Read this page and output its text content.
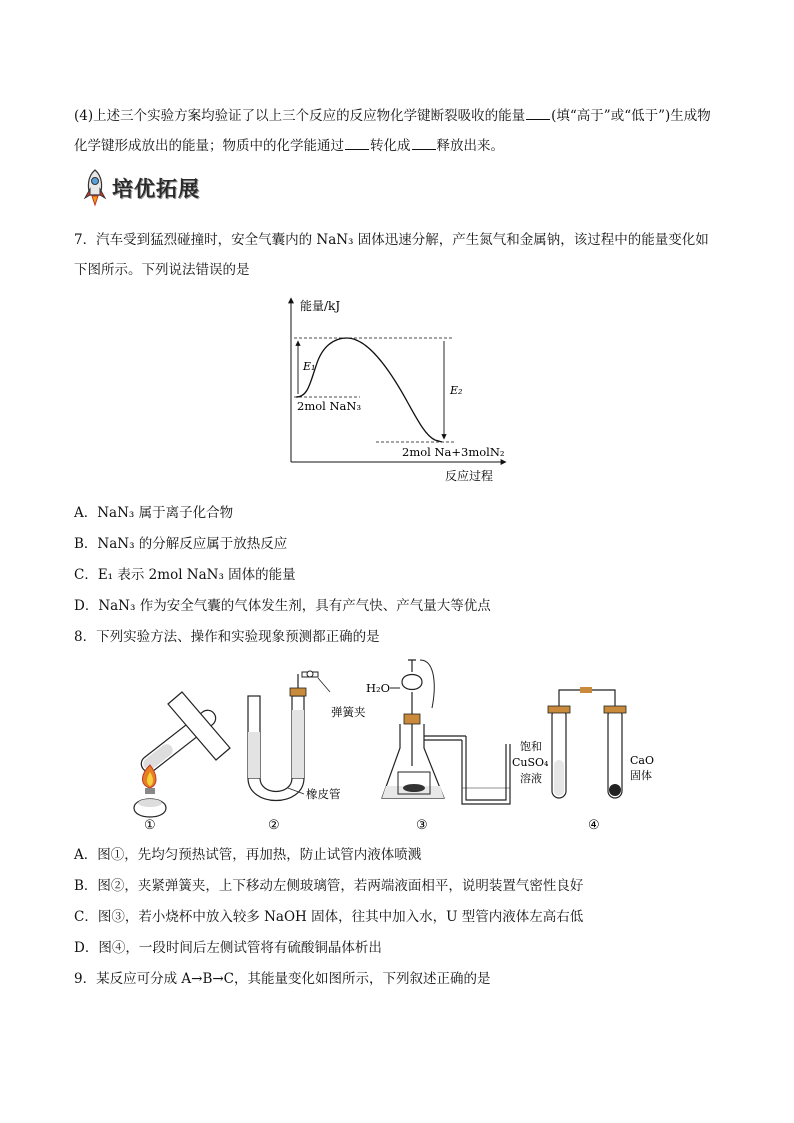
(4)上述三个实验方案均验证了以上三个反应的反应物化学键断裂吸收的能量 (填“高于”或“低于”)生成物
化学键形成放出的能量；物质中的化学能通过 转化成 释放出来。
培优拓展
7．汽车受到猛烈碰撞时，安全气囊内的 NaN₃ 固体迅速分解，产生氮气和金属钠，该过程中的能量变化如
下图所示。下列说法错误的是
能量/kJ
反应过程
E₁
E₂
2mol NaN₃
2mol Na+3molN₂
A．NaN₃ 属于离子化合物
B．NaN₃ 的分解反应属于放热反应
C．E₁ 表示 2mol NaN₃ 固体的能量
D．NaN₃ 作为安全气囊的气体发生剂，具有产气快、产气量大等优点
8．下列实验方法、操作和实验现象预测都正确的是
①
弹簧夹
橡皮管
②
H₂O
③
饱和
CuSO₄
溶液
CaO
固体
④
A．图①，先均匀预热试管，再加热，防止试管内液体喷溅
B．图②，夹紧弹簧夹，上下移动左侧玻璃管，若两端液面相平，说明装置气密性良好
C．图③，若小烧杯中放入较多 NaOH 固体，往其中加入水，U 型管内液体左高右低
D．图④，一段时间后左侧试管将有硫酸铜晶体析出
9．某反应可分成 A→B→C，其能量变化如图所示，下列叙述正确的是
